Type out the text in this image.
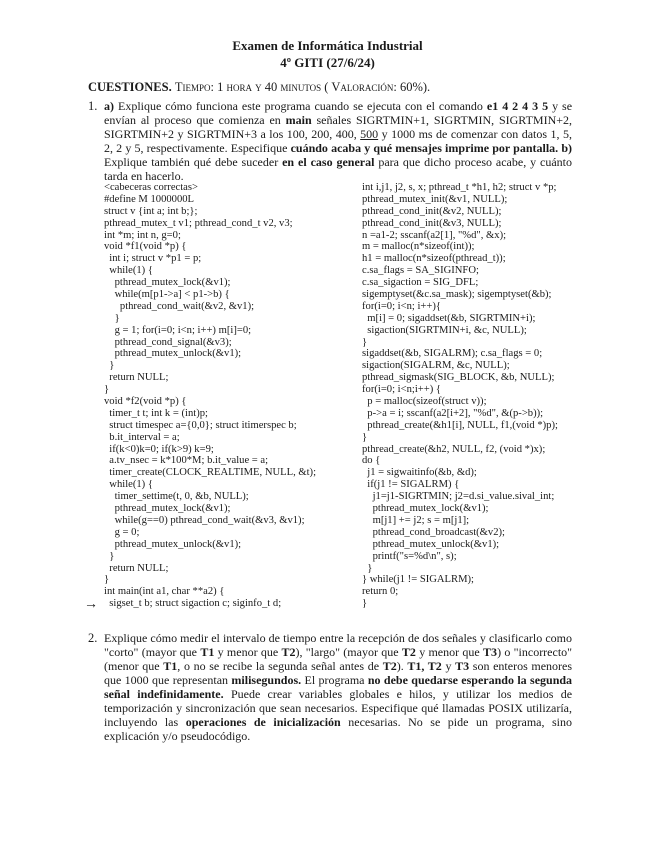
Examen de Informática Industrial
4º GITI (27/6/24)
CUESTIONES. Tiempo: 1 hora y 40 minutos ( Valoración: 60%).
1. a) Explique cómo funciona este programa cuando se ejecuta con el comando e1 4 2 4 3 5 y se envían al proceso que comienza en main señales SIGRTMIN+1, SIGRTMIN, SIGRTMIN+2, SIGRTMIN+2 y SIGRTMIN+3 a los 100, 200, 400, 500 y 1000 ms de comenzar con datos 1, 5, 2, 2 y 5, respectivamente. Especifique cuándo acaba y qué mensajes imprime por pantalla. b) Explique también qué debe suceder en el caso general para que dicho proceso acabe, y cuánto tarda en hacerlo.
<cabeceras correctas>
#define M 1000000L
struct v {int a; int b;};
pthread_mutex_t v1; pthread_cond_t v2, v3;
int *m; int n, g=0;
void *f1(void *p) {
int i; struct v *p1 = p;
while(1) {
pthread_mutex_lock(&v1);
while(m[p1->a] < p1->b) {
pthread_cond_wait(&v2, &v1);
}
g = 1; for(i=0; i<n; i++) m[i]=0;
pthread_cond_signal(&v3);
pthread_mutex_unlock(&v1);
}
return NULL;
}
void *f2(void *p) {
timer_t t; int k = (int)p;
struct timespec a={0,0}; struct itimerspec b;
b.it_interval = a;
if(k<0)k=0; if(k>9) k=9;
a.tv_nsec = k*100*M; b.it_value = a;
timer_create(CLOCK_REALTIME, NULL, &t);
while(1) {
timer_settime(t, 0, &b, NULL);
pthread_mutex_lock(&v1);
while(g==0) pthread_cond_wait(&v3, &v1);
g = 0;
pthread_mutex_unlock(&v1);
}
return NULL;
}
int main(int a1, char **a2) {
sigset_t b; struct sigaction c; siginfo_t d;
int i,j1, j2, s, x; pthread_t *h1, h2; struct v *p;
pthread_mutex_init(&v1, NULL);
pthread_cond_init(&v2, NULL);
pthread_cond_init(&v3, NULL);
n =a1-2; sscanf(a2[1], "%d", &x);
m = malloc(n*sizeof(int));
h1 = malloc(n*sizeof(pthread_t));
c.sa_flags = SA_SIGINFO;
c.sa_sigaction = SIG_DFL;
sigemptyset(&c.sa_mask); sigemptyset(&b);
for(i=0; i<n; i++){
m[i] = 0; sigaddset(&b, SIGRTMIN+i);
sigaction(SIGRTMIN+i, &c, NULL);
}
sigaddset(&b, SIGALRM); c.sa_flags = 0;
sigaction(SIGALRM, &c, NULL);
pthread_sigmask(SIG_BLOCK, &b, NULL);
for(i=0; i<n;i++) {
p = malloc(sizeof(struct v));
p->a = i; sscanf(a2[i+2], "%d", &(p->b));
pthread_create(&h1[i], NULL, f1,(void *)p);
}
pthread_create(&h2, NULL, f2, (void *)x);
do {
j1 = sigwaitinfo(&b, &d);
if(j1 != SIGALRM) {
j1=j1-SIGRTMIN; j2=d.si_value.sival_int;
pthread_mutex_lock(&v1);
m[j1] += j2; s = m[j1];
pthread_cond_broadcast(&v2);
pthread_mutex_unlock(&v1);
printf("s=%d\n", s);
}
} while(j1 != SIGALRM);
return 0;
}
→
2. Explique cómo medir el intervalo de tiempo entre la recepción de dos señales y clasificarlo como "corto" (mayor que T1 y menor que T2), "largo" (mayor que T2 y menor que T3) o "incorrecto" (menor que T1, o no se recibe la segunda señal antes de T2). T1, T2 y T3 son enteros menores que 1000 que representan milisegundos. El programa no debe quedarse esperando la segunda señal indefinidamente. Puede crear variables globales e hilos, y utilizar los medios de temporización y sincronización que sean necesarios. Especifique qué llamadas POSIX utilizaría, incluyendo las operaciones de inicialización necesarias. No se pide un programa, sino explicación y/o pseudocódigo.
